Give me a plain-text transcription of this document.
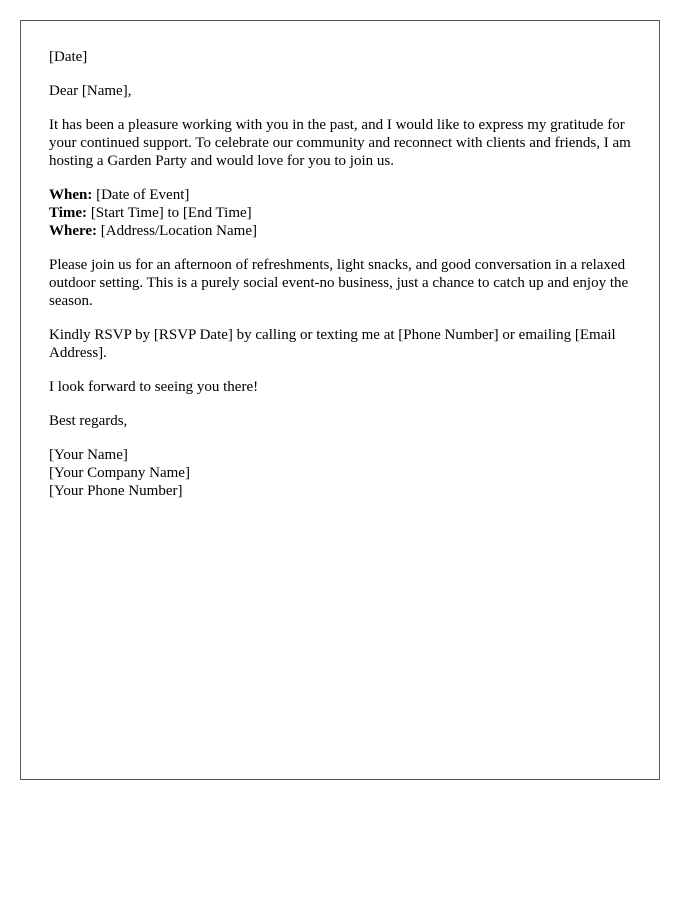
[Date]

Dear [Name],

It has been a pleasure working with you in the past, and I would like to express my gratitude for your continued support. To celebrate our community and reconnect with clients and friends, I am hosting a Garden Party and would love for you to join us.

When: [Date of Event]
Time: [Start Time] to [End Time]
Where: [Address/Location Name]

Please join us for an afternoon of refreshments, light snacks, and good conversation in a relaxed outdoor setting. This is a purely social event-no business, just a chance to catch up and enjoy the season.

Kindly RSVP by [RSVP Date] by calling or texting me at [Phone Number] or emailing [Email Address].

I look forward to seeing you there!

Best regards,

[Your Name]
[Your Company Name]
[Your Phone Number]
